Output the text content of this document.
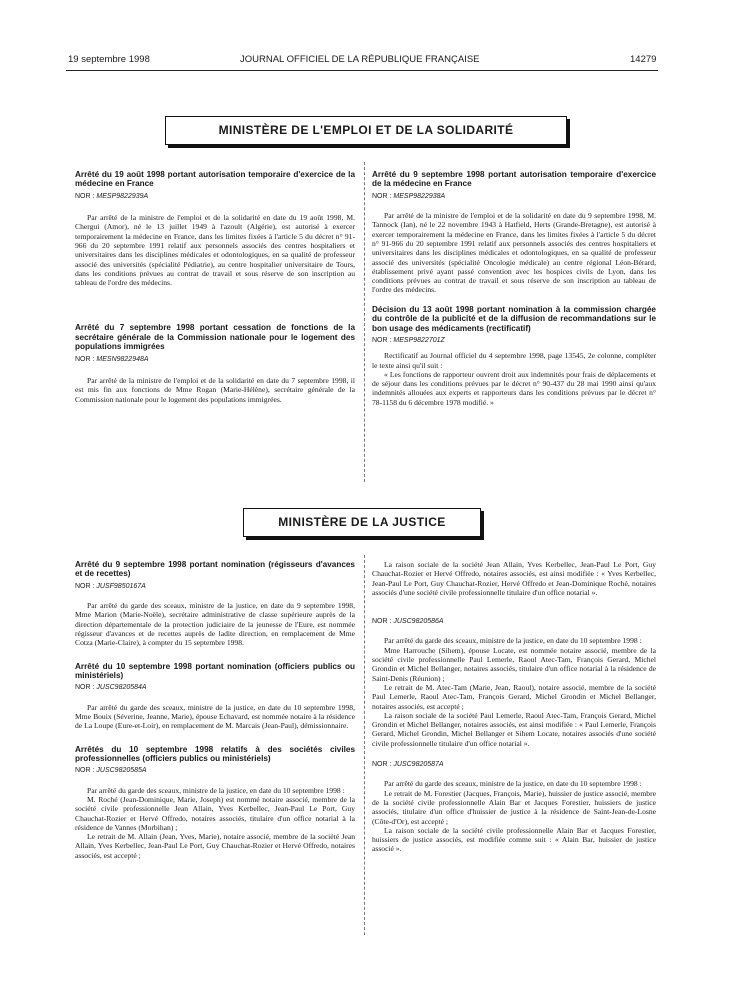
19 septembre 1998	JOURNAL OFFICIEL DE LA RÉPUBLIQUE FRANÇAISE	14279
MINISTÈRE DE L'EMPLOI ET DE LA SOLIDARITÉ
MINISTÈRE DE LA JUSTICE

Arrêté du 19 août 1998 portant autorisation temporaire d'exercice de la médecine en France

NOR : MESP9822939A

Par arrêté de la ministre de l'emploi et de la solidarité en date du 19 août 1998, M. Chergui (Amor), né le 13 juillet 1949 à l'azoult (Algérie), est autorisé à exercer temporairement la médecine en France, dans les limites fixées à l'article 5 du décret n° 91-966 du 20 septembre 1991 relatif aux personnels associés des centres hospitaliers et universitaires dans les disciplines médicales et odontologiques, en sa qualité de professeur associé des universités (spécialité Pédiatrie), au centre hospitalier universitaire de Tours, dans les conditions prévues au contrat de travail et sous réserve de son inscription au tableau de l'ordre des médecins.

Arrêté du 7 septembre 1998 portant cessation de fonctions de la secrétaire générale de la Commission nationale pour le logement des populations immigrées

NOR : MESN9822948A

Par arrêté de la ministre de l'emploi et de la solidarité en date du 7 septembre 1998, il est mis fin aux fonctions de Mme Rogan (Marie-Hélène), secrétaire générale de la Commission nationale pour le logement des populations immigrées.

Arrêté du 9 septembre 1998 portant autorisation temporaire d'exercice de la médecine en France

NOR : MESP9822938A

Par arrêté de la ministre de l'emploi et de la solidarité en date du 9 septembre 1998, M. Tannock (Ian), né le 22 novembre 1943 à Hatfield, Herts (Grande-Bretagne), est autorisé à exercer temporairement la médecine en France, dans les limites fixées à l'article 5 du décret n° 91-966 du 20 septembre 1991 relatif aux personnels associés des centres hospitaliers et universitaires dans les disciplines médicales et odontologiques, en sa qualité de professeur associé des universités (spécialité Oncologie médicale) au centre régional Léon-Bérard, établissement privé ayant passé convention avec les hospices civils de Lyon, dans les conditions prévues au contrat de travail et sous réserve de son inscription au tableau de l'ordre des médecins.

Décision du 13 août 1998 portant nomination à la commission chargée du contrôle de la publicité et de la diffusion de recommandations sur le bon usage des médicaments (rectificatif)

NOR : MESP9822701Z

Rectificatif au Journal officiel du 4 septembre 1998, page 13545, 2e colonne, compléter le texte ainsi qu'il suit :

« Les fonctions de rapporteur ouvrent droit aux indemnités pour frais de déplacements et de séjour dans les conditions prévues par le décret n° 90-437 du 28 mai 1990 ainsi qu'aux indemnités allouées aux experts et rapporteurs dans les conditions prévues par le décret n° 78-1158 du 6 décembre 1978 modifié. »

Arrêté du 9 septembre 1998 portant nomination (régisseurs d'avances et de recettes)

NOR : JUSF9850167A

Par arrêté du garde des sceaux, ministre de la justice, en date du 9 septembre 1998, Mme Marion (Marie-Noële), secrétaire administrative de classe supérieure auprès de la direction départementale de la protection judiciaire de la jeunesse de l'Eure, est nommée régisseur d'avances et de recettes auprès de ladite direction, en remplacement de Mme Cotza (Marie-Claire), à compter du 15 septembre 1998.

Arrêté du 10 septembre 1998 portant nomination (officiers publics ou ministériels)

NOR : JUSC9820584A

Par arrêté du garde des sceaux, ministre de la justice, en date du 10 septembre 1998, Mme Bouix (Séverine, Jeanne, Marie), épouse Echavard, est nommée notaire à la résidence de La Loupe (Eure-et-Loir), en remplacement de M. Marcais (Jean-Paul), démissionnaire.

Arrêtés du 10 septembre 1998 relatifs à des sociétés civiles professionnelles (officiers publics ou ministériels)

NOR : JUSC9820585A

Par arrêté du garde des sceaux, ministre de la justice, en date du 10 septembre 1998 :

M. Roché (Jean-Dominique, Marie, Joseph) est nommé notaire associé, membre de la société civile professionnelle Jean Allain, Yves Kerbellec, Jean-Paul Le Port, Guy Chauchat-Rozier et Hervé Offredo, notaires associés, titulaire d'un office notarial à la résidence de Vannes (Morbihan) ;

Le retrait de M. Allain (Jean, Yves, Marie), notaire associé, membre de la société Jean Allain, Yves Kerbellec, Jean-Paul Le Port, Guy Chauchat-Rozier et Hervé Offredo, notaires associés, est accepté ;

La raison sociale de la société Jean Allain, Yves Kerbellec, Jean-Paul Le Port, Guy Chauchat-Rozier et Hervé Offredo, notaires associés, est ainsi modifiée : « Yves Kerbellec, Jean-Paul Le Port, Guy Chauchat-Rozier, Hervé Offredo et Jean-Dominique Roché, notaires associés d'une société civile professionnelle titulaire d'un office notarial ».

NOR : JUSC9820586A

Par arrêté du garde des sceaux, ministre de la justice, en date du 10 septembre 1998 :

Mme Harrouche (Sihem), épouse Locate, est nommée notaire associé, membre de la société civile professionnelle Paul Lemerle, Raoul Atec-Tam, François Gerard, Michel Grondin et Michel Bellanger, notaires associés, titulaire d'un office notarial à la résidence de Saint-Denis (Réunion) ;

Le retrait de M. Atec-Tam (Marie, Jean, Raoul), notaire associé, membre de la société Paul Lemerle, Raoul Atec-Tam, François Gerard, Michel Grondin et Michel Bellanger, notaires associés, est accepté ;

La raison sociale de la société Paul Lemerle, Raoul Atec-Tam, François Gerard, Michel Grondin et Michel Bellanger, notaires associés, est ainsi modifiée : « Paul Lemerle, François Gerard, Michel Grondin, Michel Bellanger et Sihem Locate, notaires associés d'une société civile professionnelle titulaire d'un office notarial ».

NOR : JUSC9820587A

Par arrêté du garde des sceaux, ministre de la justice, en date du 10 septembre 1998 :

Le retrait de M. Forestier (Jacques, François, Marie), huissier de justice associé, membre de la société civile professionnelle Alain Bar et Jacques Forestier, huissiers de justice associés, titulaire d'un office d'huissier de justice à la résidence de Saint-Jean-de-Losne (Côte-d'Or), est accepté ;

La raison sociale de la société civile professionnelle Alain Bar et Jacques Forestier, huissiers de justice associés, est modifiée comme suit : « Alain Bar, huissier de justice associé ».
